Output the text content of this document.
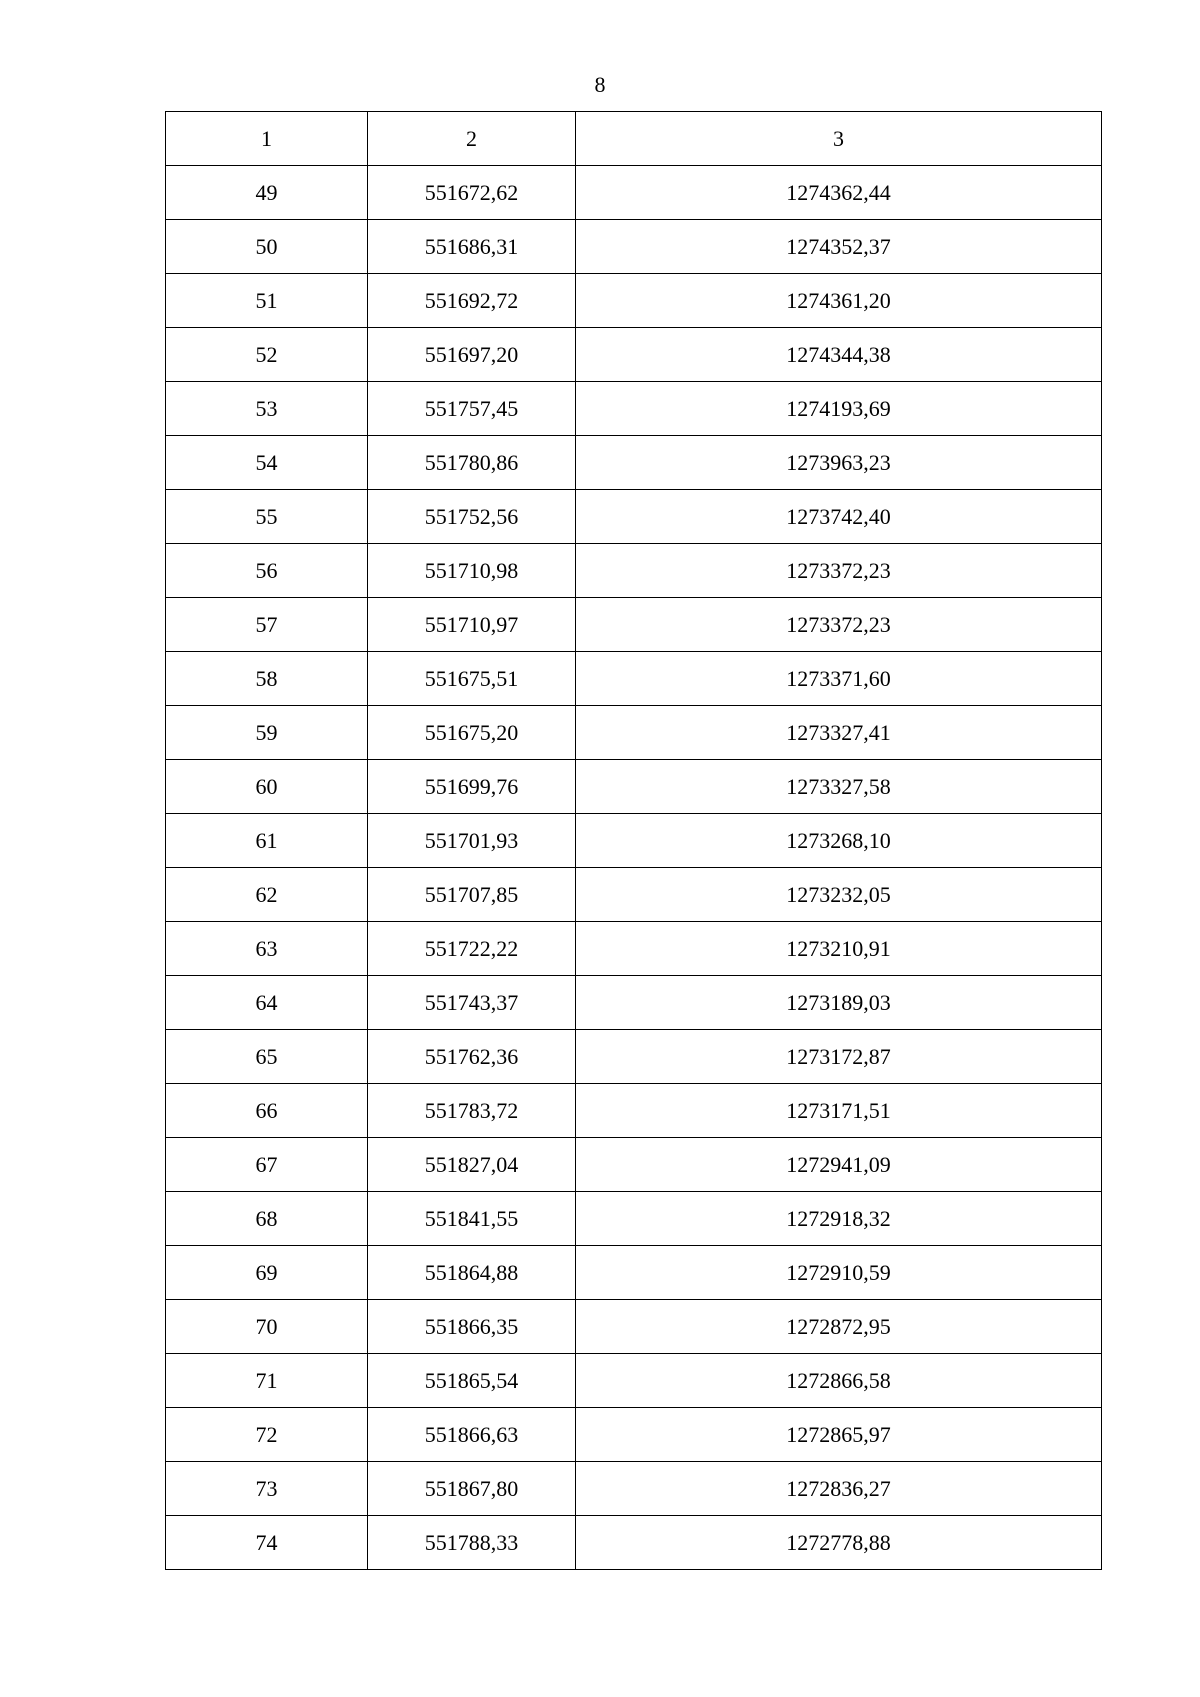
8
1	2	3
49	551672,62	1274362,44
50	551686,31	1274352,37
51	551692,72	1274361,20
52	551697,20	1274344,38
53	551757,45	1274193,69
54	551780,86	1273963,23
55	551752,56	1273742,40
56	551710,98	1273372,23
57	551710,97	1273372,23
58	551675,51	1273371,60
59	551675,20	1273327,41
60	551699,76	1273327,58
61	551701,93	1273268,10
62	551707,85	1273232,05
63	551722,22	1273210,91
64	551743,37	1273189,03
65	551762,36	1273172,87
66	551783,72	1273171,51
67	551827,04	1272941,09
68	551841,55	1272918,32
69	551864,88	1272910,59
70	551866,35	1272872,95
71	551865,54	1272866,58
72	551866,63	1272865,97
73	551867,80	1272836,27
74	551788,33	1272778,88
